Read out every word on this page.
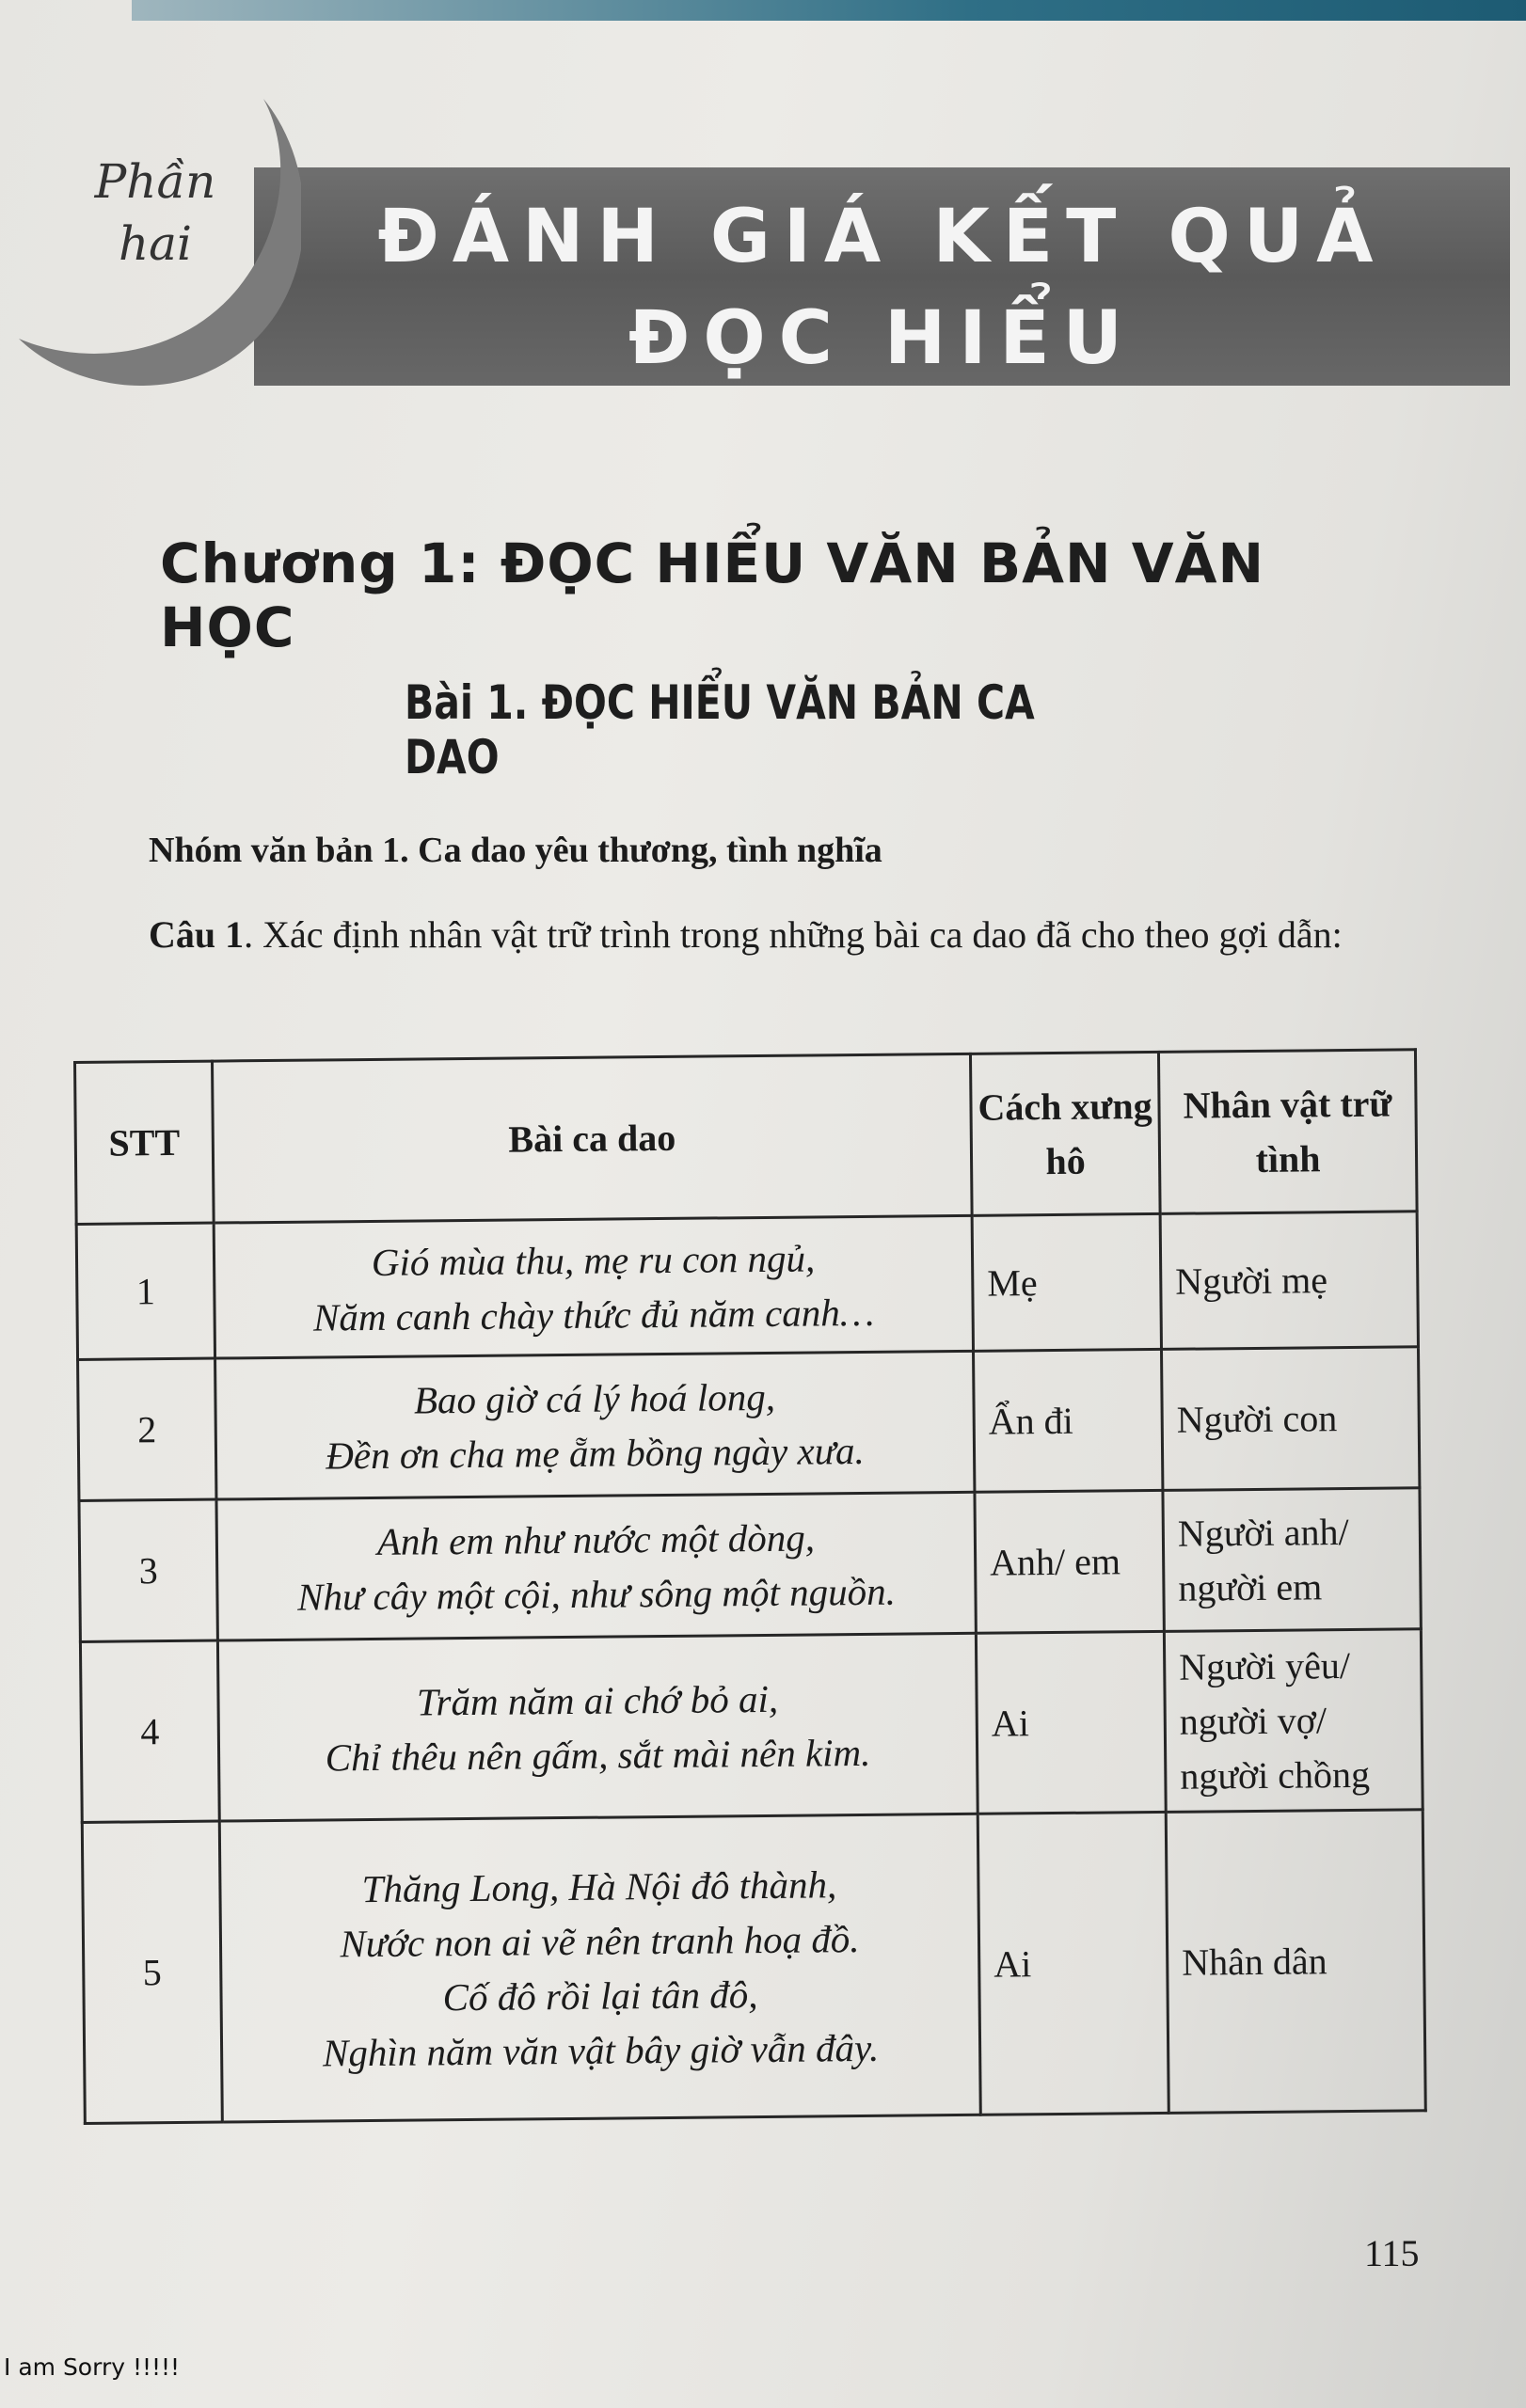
ĐÁNH GIÁ KẾT QUẢ
ĐỌC HIỂU
Phần
hai
Chương 1: ĐỌC HIỂU VĂN BẢN VĂN HỌC
Bài 1. ĐỌC HIỂU VĂN BẢN CA DAO
Nhóm văn bản 1. Ca dao yêu thương, tình nghĩa
Câu 1. Xác định nhân vật trữ trình trong những bài ca dao đã cho theo gợi dẫn:
STT	Bài ca dao	Cách xưng hô	Nhân vật trữ tình
1	Gió mùa thu, mẹ ru con ngủ,
Năm canh chày thức đủ năm canh…	Mẹ	Người mẹ
2	Bao giờ cá lý hoá long,
Đền ơn cha mẹ ẵm bồng ngày xưa.	Ẩn đi	Người con
3	Anh em như nước một dòng,
Như cây một cội, như sông một nguồn.	Anh/ em	Người anh/ người em
4	Trăm năm ai chớ bỏ ai,
Chỉ thêu nên gấm, sắt mài nên kim.	Ai	Người yêu/ người vợ/ người chồng
5	Thăng Long, Hà Nội đô thành,
Nước non ai vẽ nên tranh hoạ đồ.
Cố đô rồi lại tân đô,
Nghìn năm văn vật bây giờ vẫn đây.	Ai	Nhân dân
115
I am Sorry !!!!!
